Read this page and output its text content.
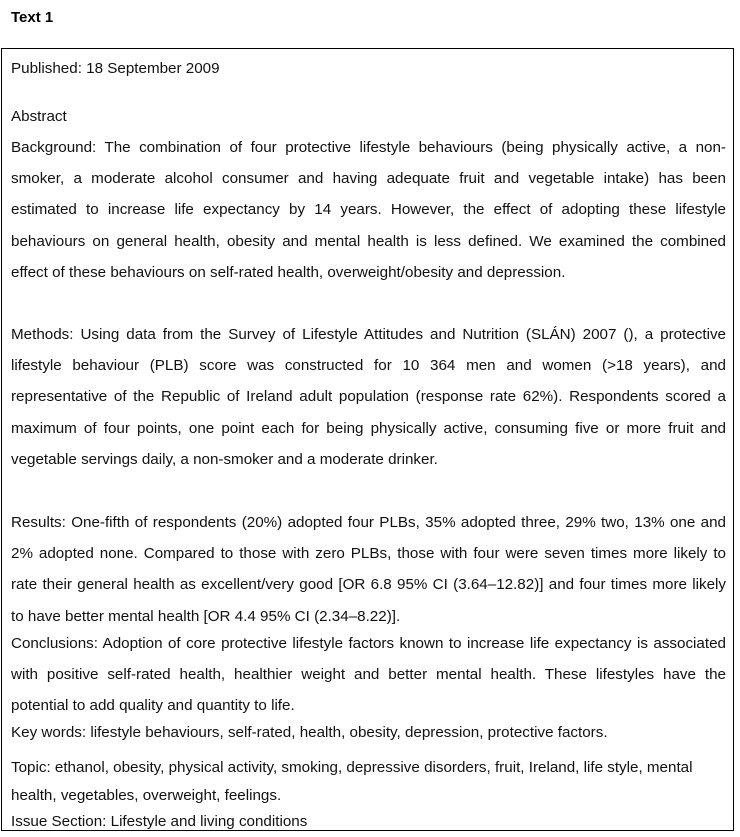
Text 1

Published: 18 September 2009

Abstract

Background: The combination of four protective lifestyle behaviours (being physically active, a non-smoker, a moderate alcohol consumer and having adequate fruit and vegetable intake) has been estimated to increase life expectancy by 14 years. However, the effect of adopting these lifestyle behaviours on general health, obesity and mental health is less defined. We examined the combined effect of these behaviours on self-rated health, overweight/obesity and depression.

Methods: Using data from the Survey of Lifestyle Attitudes and Nutrition (SLÁN) 2007 (), a protective lifestyle behaviour (PLB) score was constructed for 10 364 men and women (>18 years), and representative of the Republic of Ireland adult population (response rate 62%). Respondents scored a maximum of four points, one point each for being physically active, consuming five or more fruit and vegetable servings daily, a non-smoker and a moderate drinker.

Results: One-fifth of respondents (20%) adopted four PLBs, 35% adopted three, 29% two, 13% one and 2% adopted none. Compared to those with zero PLBs, those with four were seven times more likely to rate their general health as excellent/very good [OR 6.8 95% CI (3.64–12.82)] and four times more likely to have better mental health [OR 4.4 95% CI (2.34–8.22)].

Conclusions: Adoption of core protective lifestyle factors known to increase life expectancy is associated with positive self-rated health, healthier weight and better mental health. These lifestyles have the potential to add quality and quantity to life.

Key words: lifestyle behaviours, self-rated, health, obesity, depression, protective factors.

Topic: ethanol, obesity, physical activity, smoking, depressive disorders, fruit, Ireland, life style, mental health, vegetables, overweight, feelings.

Issue Section: Lifestyle and living conditions
